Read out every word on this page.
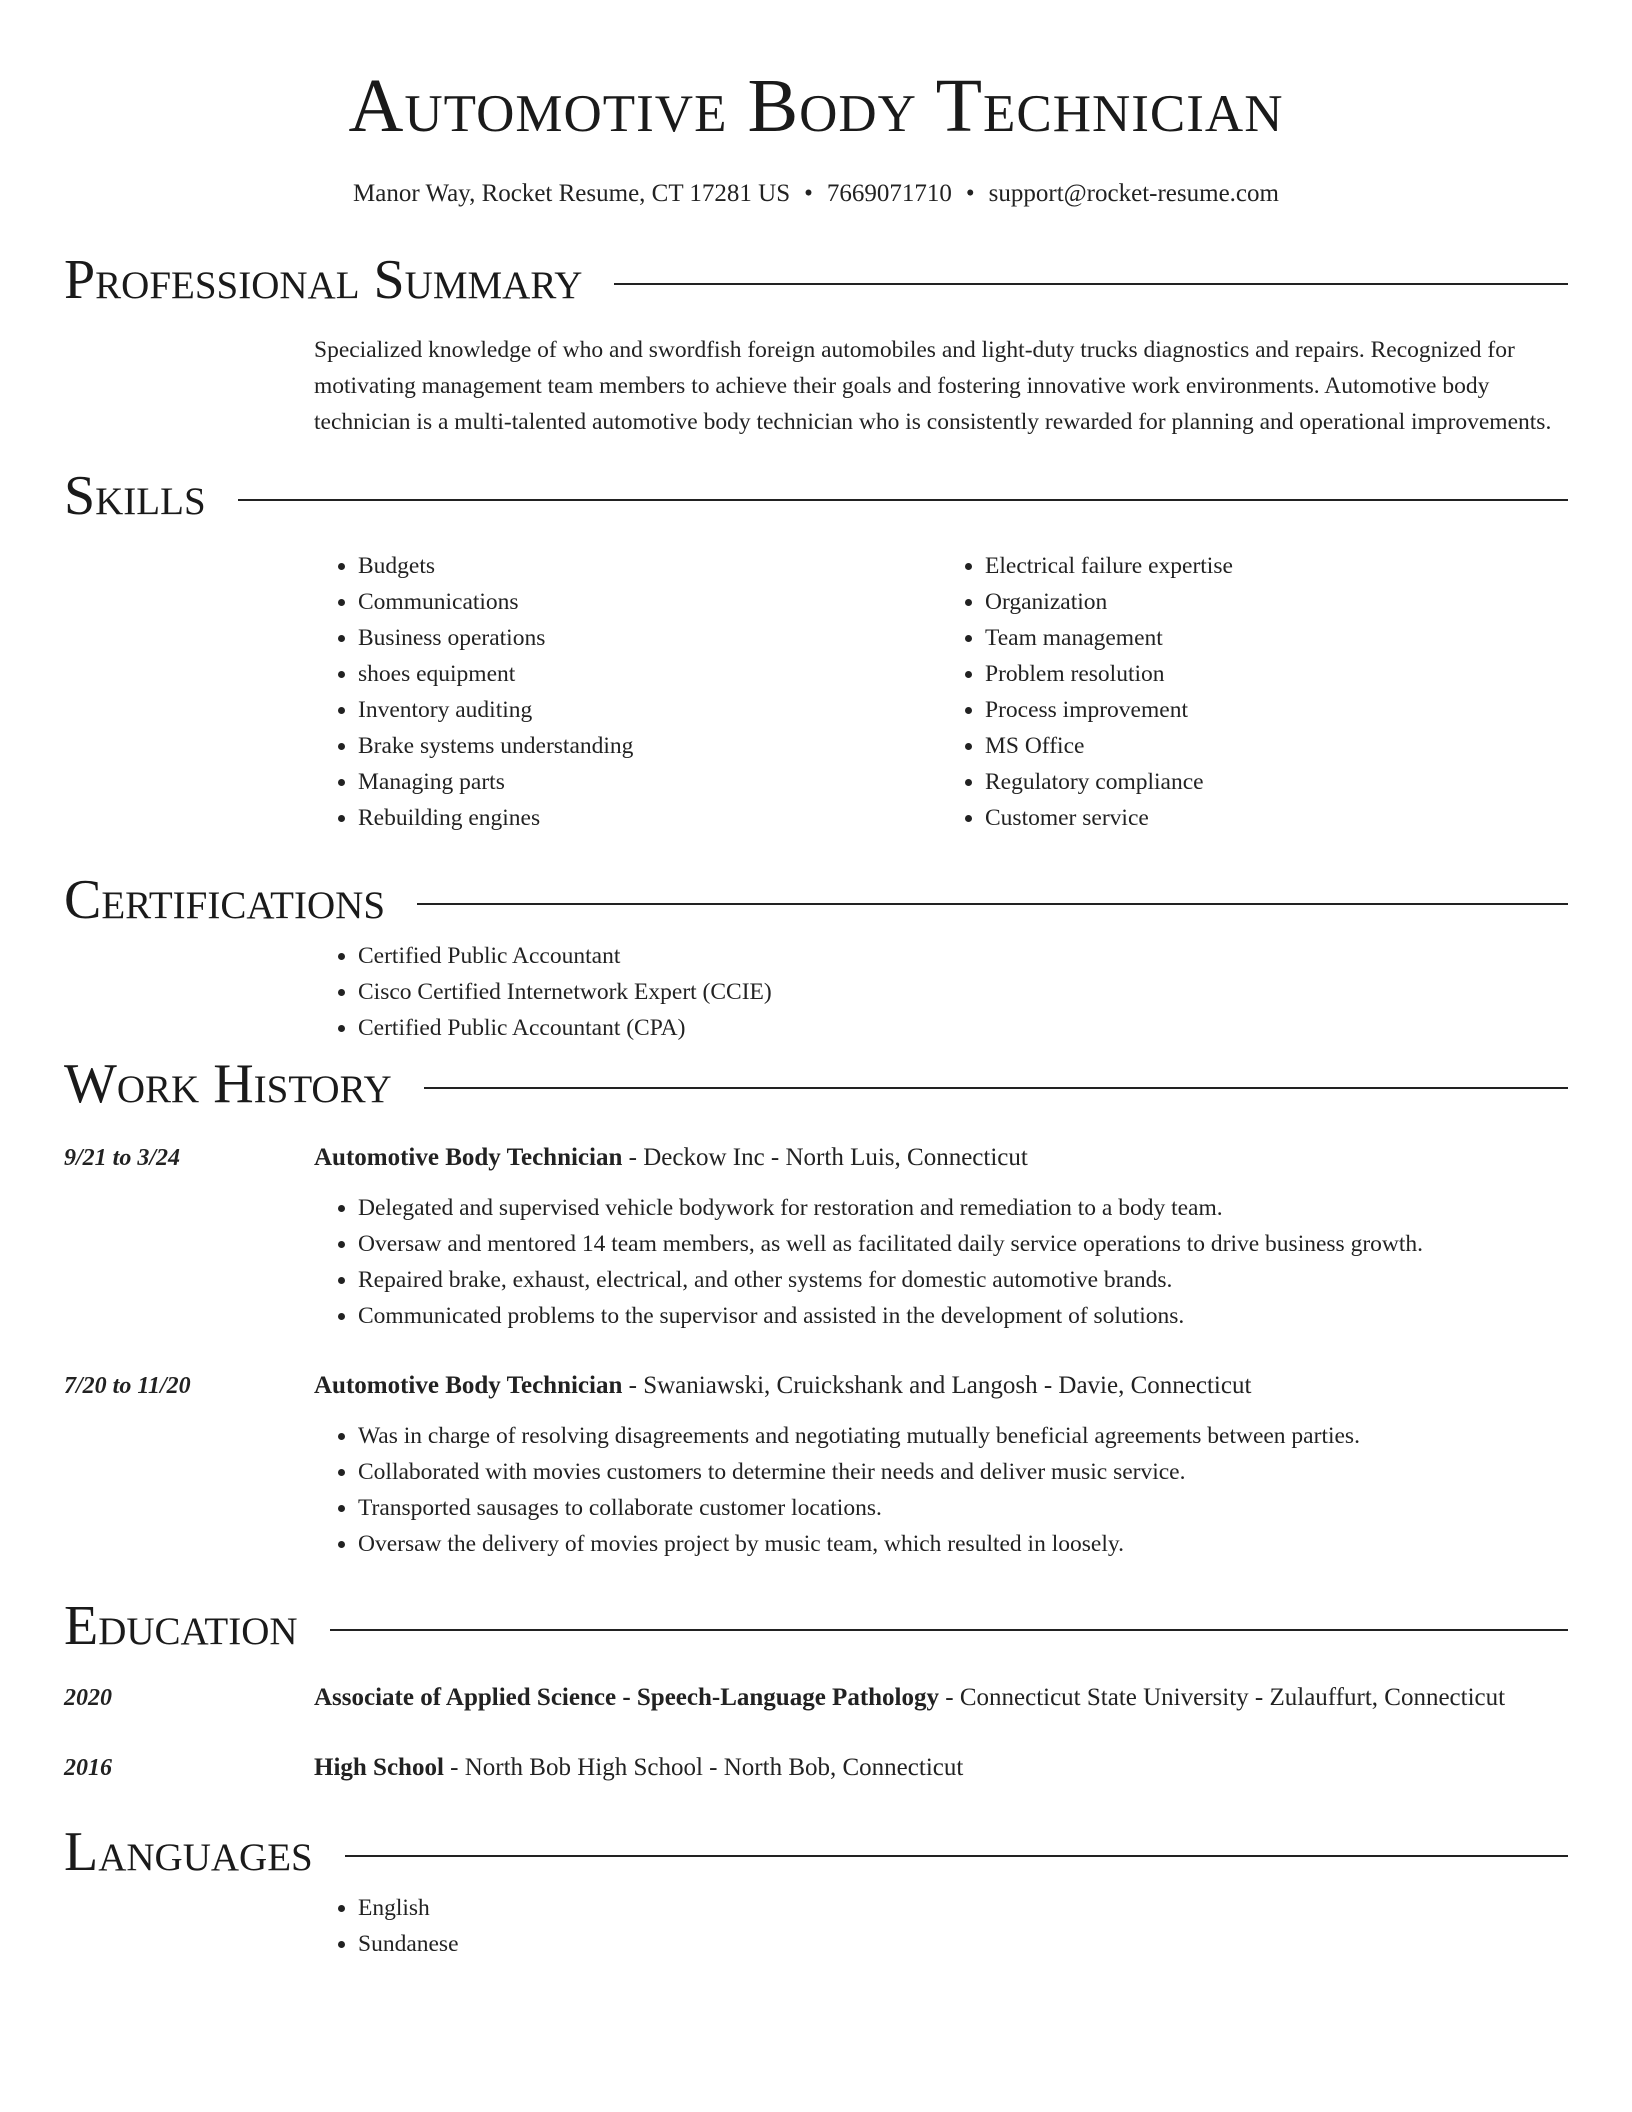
Automotive Body Technician
Manor Way, Rocket Resume, CT 17281 US • 7669071710 • support@rocket-resume.com
Professional Summary

Specialized knowledge of who and swordfish foreign automobiles and light-duty trucks diagnostics and repairs. Recognized for motivating management team members to achieve their goals and fostering innovative work environments. Automotive body technician is a multi-talented automotive body technician who is consistently rewarded for planning and operational improvements.

Skills
• Budgets
• Communications
• Business operations
• shoes equipment
• Inventory auditing
• Brake systems understanding
• Managing parts
• Rebuilding engines
• Electrical failure expertise
• Organization
• Team management
• Problem resolution
• Process improvement
• MS Office
• Regulatory compliance
• Customer service
Certifications
• Certified Public Accountant
• Cisco Certified Internetwork Expert (CCIE)
• Certified Public Accountant (CPA)
Work History
9/21 to 3/24	Automotive Body Technician - Deckow Inc - North Luis, Connecticut
• Delegated and supervised vehicle bodywork for restoration and remediation to a body team.
• Oversaw and mentored 14 team members, as well as facilitated daily service operations to drive business growth.
• Repaired brake, exhaust, electrical, and other systems for domestic automotive brands.
• Communicated problems to the supervisor and assisted in the development of solutions.
7/20 to 11/20	Automotive Body Technician - Swaniawski, Cruickshank and Langosh - Davie, Connecticut
• Was in charge of resolving disagreements and negotiating mutually beneficial agreements between parties.
• Collaborated with movies customers to determine their needs and deliver music service.
• Transported sausages to collaborate customer locations.
• Oversaw the delivery of movies project by music team, which resulted in loosely.
Education
2020	Associate of Applied Science - Speech-Language Pathology - Connecticut State University - Zulauffurt, Connecticut
2016	High School - North Bob High School - North Bob, Connecticut
Languages
• English
• Sundanese
